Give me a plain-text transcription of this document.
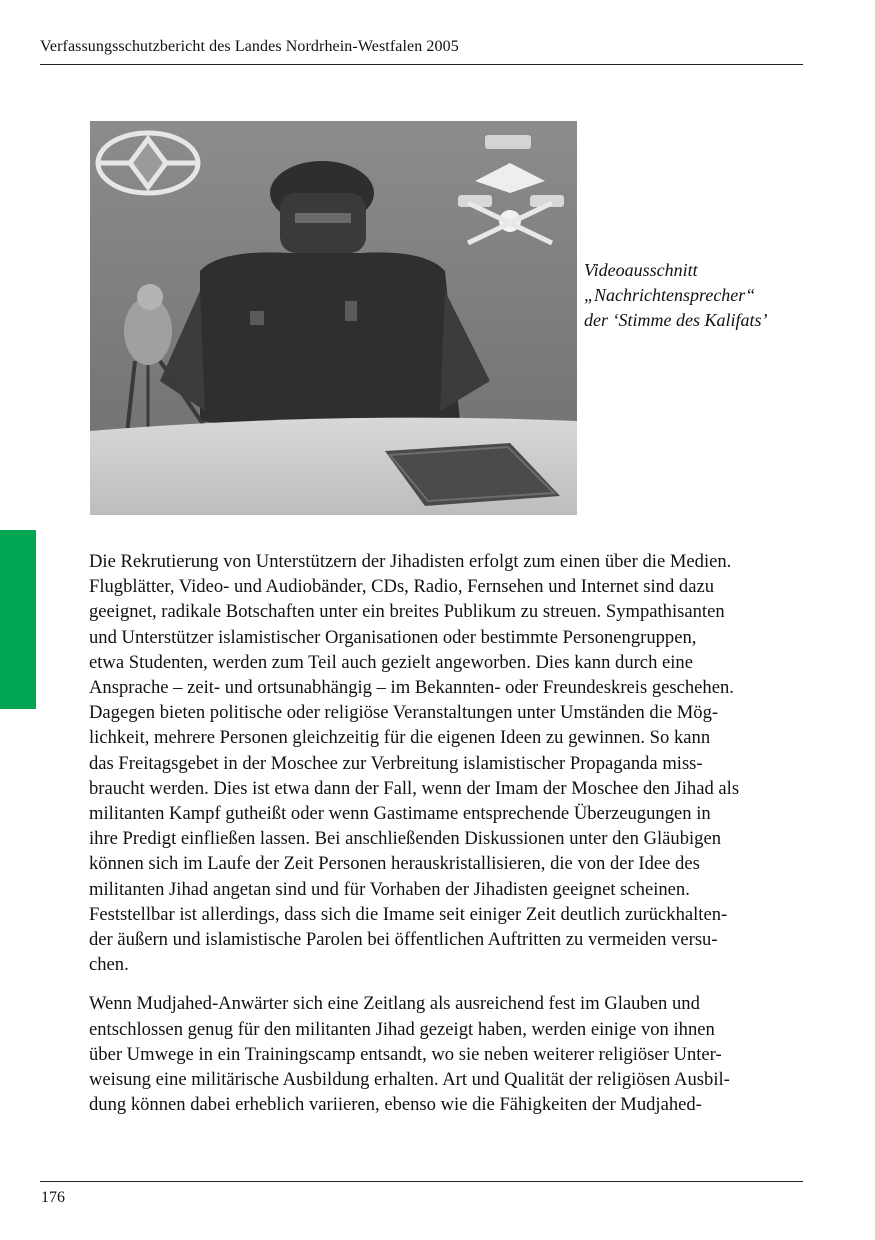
Verfassungsschutzbericht des Landes Nordrhein-Westfalen 2005
Videoausschnitt
„Nachrichtensprecher“
der ‘Stimme des Kalifats’

Die Rekrutierung von Unterstützern der Jihadisten erfolgt zum einen über die Medien.
Flugblätter, Video- und Audiobänder, CDs, Radio, Fernsehen und Internet sind dazu
geeignet, radikale Botschaften unter ein breites Publikum zu streuen. Sympathisanten
und Unterstützer islamistischer Organisationen oder bestimmte Personengruppen,
etwa Studenten, werden zum Teil auch gezielt angeworben. Dies kann durch eine
Ansprache – zeit- und ortsunabhängig – im Bekannten- oder Freundeskreis geschehen.
Dagegen bieten politische oder religiöse Veranstaltungen unter Umständen die Mög-
lichkeit, mehrere Personen gleichzeitig für die eigenen Ideen zu gewinnen. So kann
das Freitagsgebet in der Moschee zur Verbreitung islamistischer Propaganda miss-
braucht werden. Dies ist etwa dann der Fall, wenn der Imam der Moschee den Jihad als
militanten Kampf gutheißt oder wenn Gastimame entsprechende Überzeugungen in
ihre Predigt einfließen lassen. Bei anschließenden Diskussionen unter den Gläubigen
können sich im Laufe der Zeit Personen herauskristallisieren, die von der Idee des
militanten Jihad angetan sind und für Vorhaben der Jihadisten geeignet scheinen.
Feststellbar ist allerdings, dass sich die Imame seit einiger Zeit deutlich zurückhalten-
der äußern und islamistische Parolen bei öffentlichen Auftritten zu vermeiden versu-
chen.

Wenn Mudjahed-Anwärter sich eine Zeitlang als ausreichend fest im Glauben und
entschlossen genug für den militanten Jihad gezeigt haben, werden einige von ihnen
über Umwege in ein Trainingscamp entsandt, wo sie neben weiterer religiöser Unter-
weisung eine militärische Ausbildung erhalten. Art und Qualität der religiösen Ausbil-
dung können dabei erheblich variieren, ebenso wie die Fähigkeiten der Mudjahed-

176
